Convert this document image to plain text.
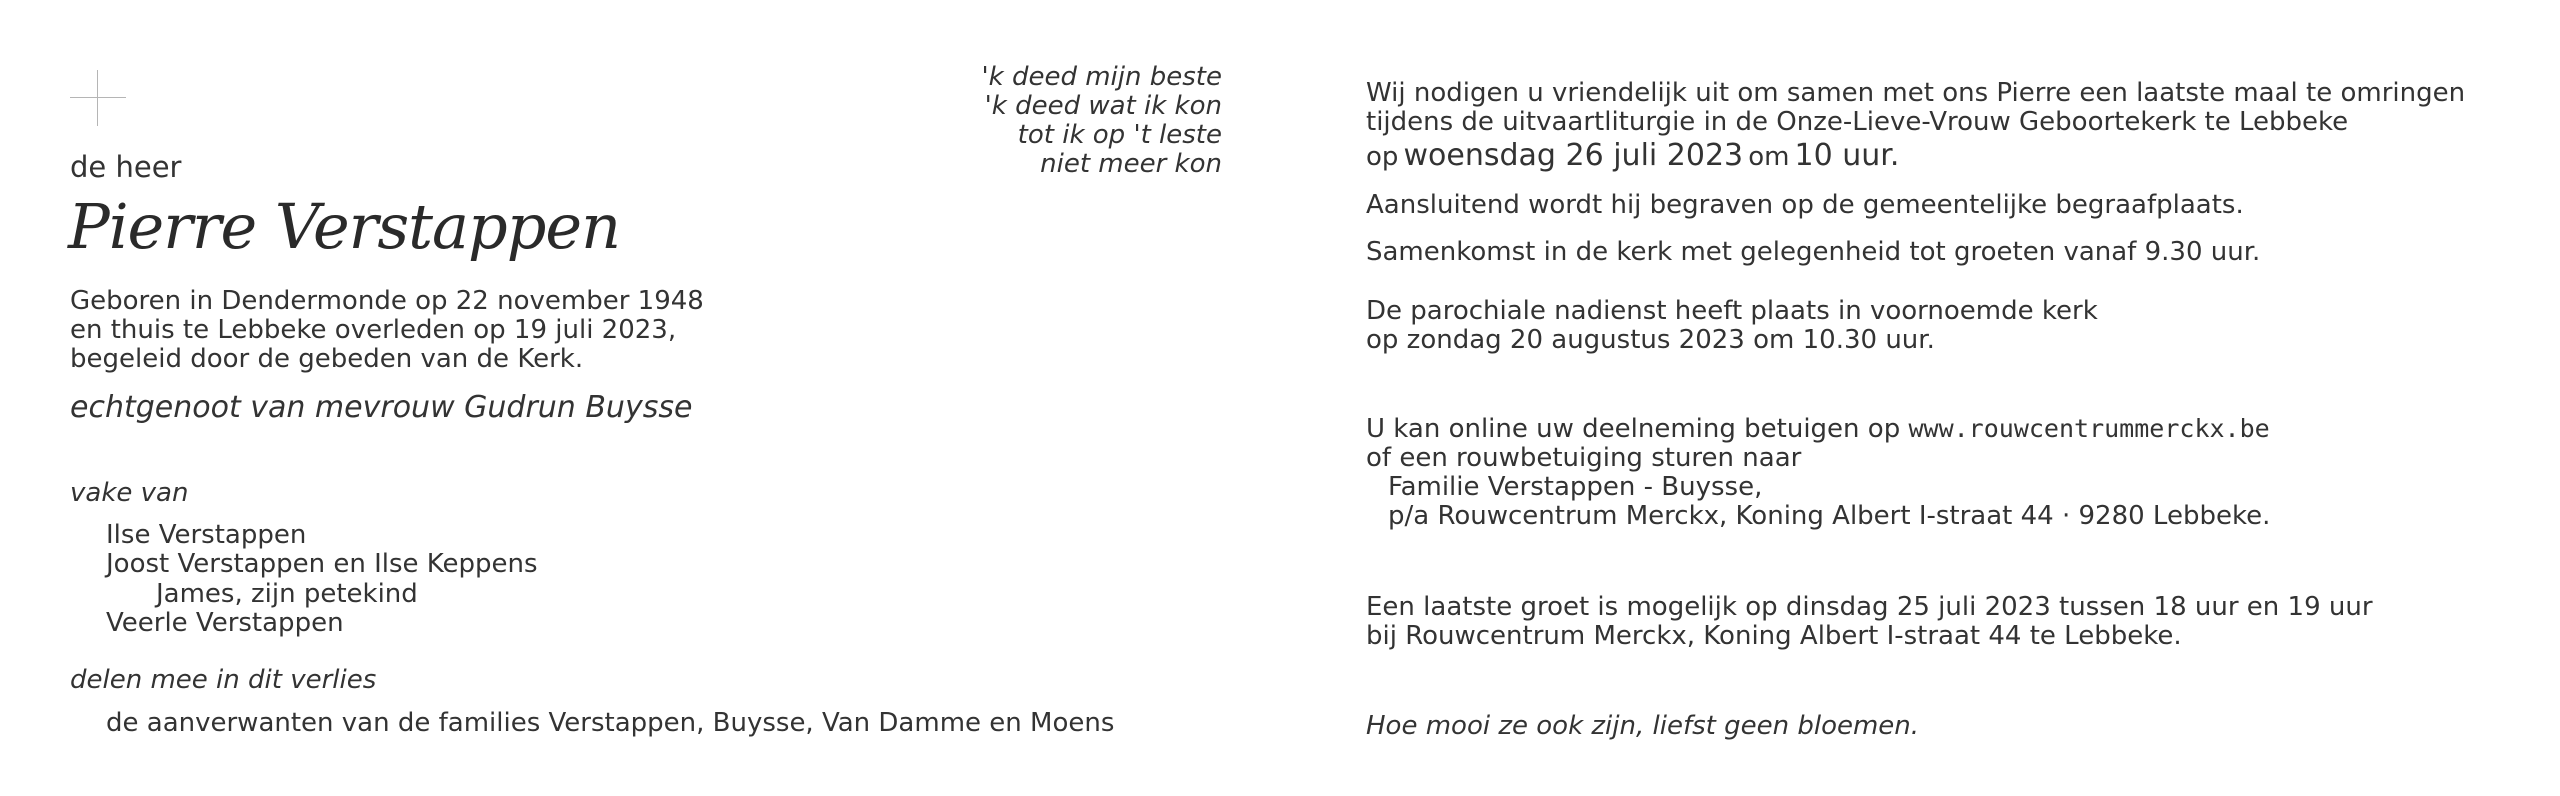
de heer
Pierre Verstappen
Geboren in Dendermonde op 22 november 1948
en thuis te Lebbeke overleden op 19 juli 2023,
begeleid door de gebeden van de Kerk.
echtgenoot van mevrouw Gudrun Buysse
vake van
Ilse Verstappen
Joost Verstappen en Ilse Keppens
James, zijn petekind
Veerle Verstappen
delen mee in dit verlies
de aanverwanten van de families Verstappen, Buysse, Van Damme en Moens
'k deed mijn beste
'k deed wat ik kon
tot ik op 't leste
niet meer kon
Wij nodigen u vriendelijk uit om samen met ons Pierre een laatste maal te omringen
tijdens de uitvaartliturgie in de Onze-Lieve-Vrouw Geboortekerk te Lebbeke
op woensdag 26 juli 2023 om 10 uur.
Aansluitend wordt hij begraven op de gemeentelijke begraafplaats.
Samenkomst in de kerk met gelegenheid tot groeten vanaf 9.30 uur.
De parochiale nadienst heeft plaats in voornoemde kerk
op zondag 20 augustus 2023 om 10.30 uur.
U kan online uw deelneming betuigen op www.rouwcentrummerckx.be
of een rouwbetuiging sturen naar
Familie Verstappen - Buysse,
p/a Rouwcentrum Merckx, Koning Albert I-straat 44 · 9280 Lebbeke.
Een laatste groet is mogelijk op dinsdag 25 juli 2023 tussen 18 uur en 19 uur
bij Rouwcentrum Merckx, Koning Albert I-straat 44 te Lebbeke.
Hoe mooi ze ook zijn, liefst geen bloemen.
